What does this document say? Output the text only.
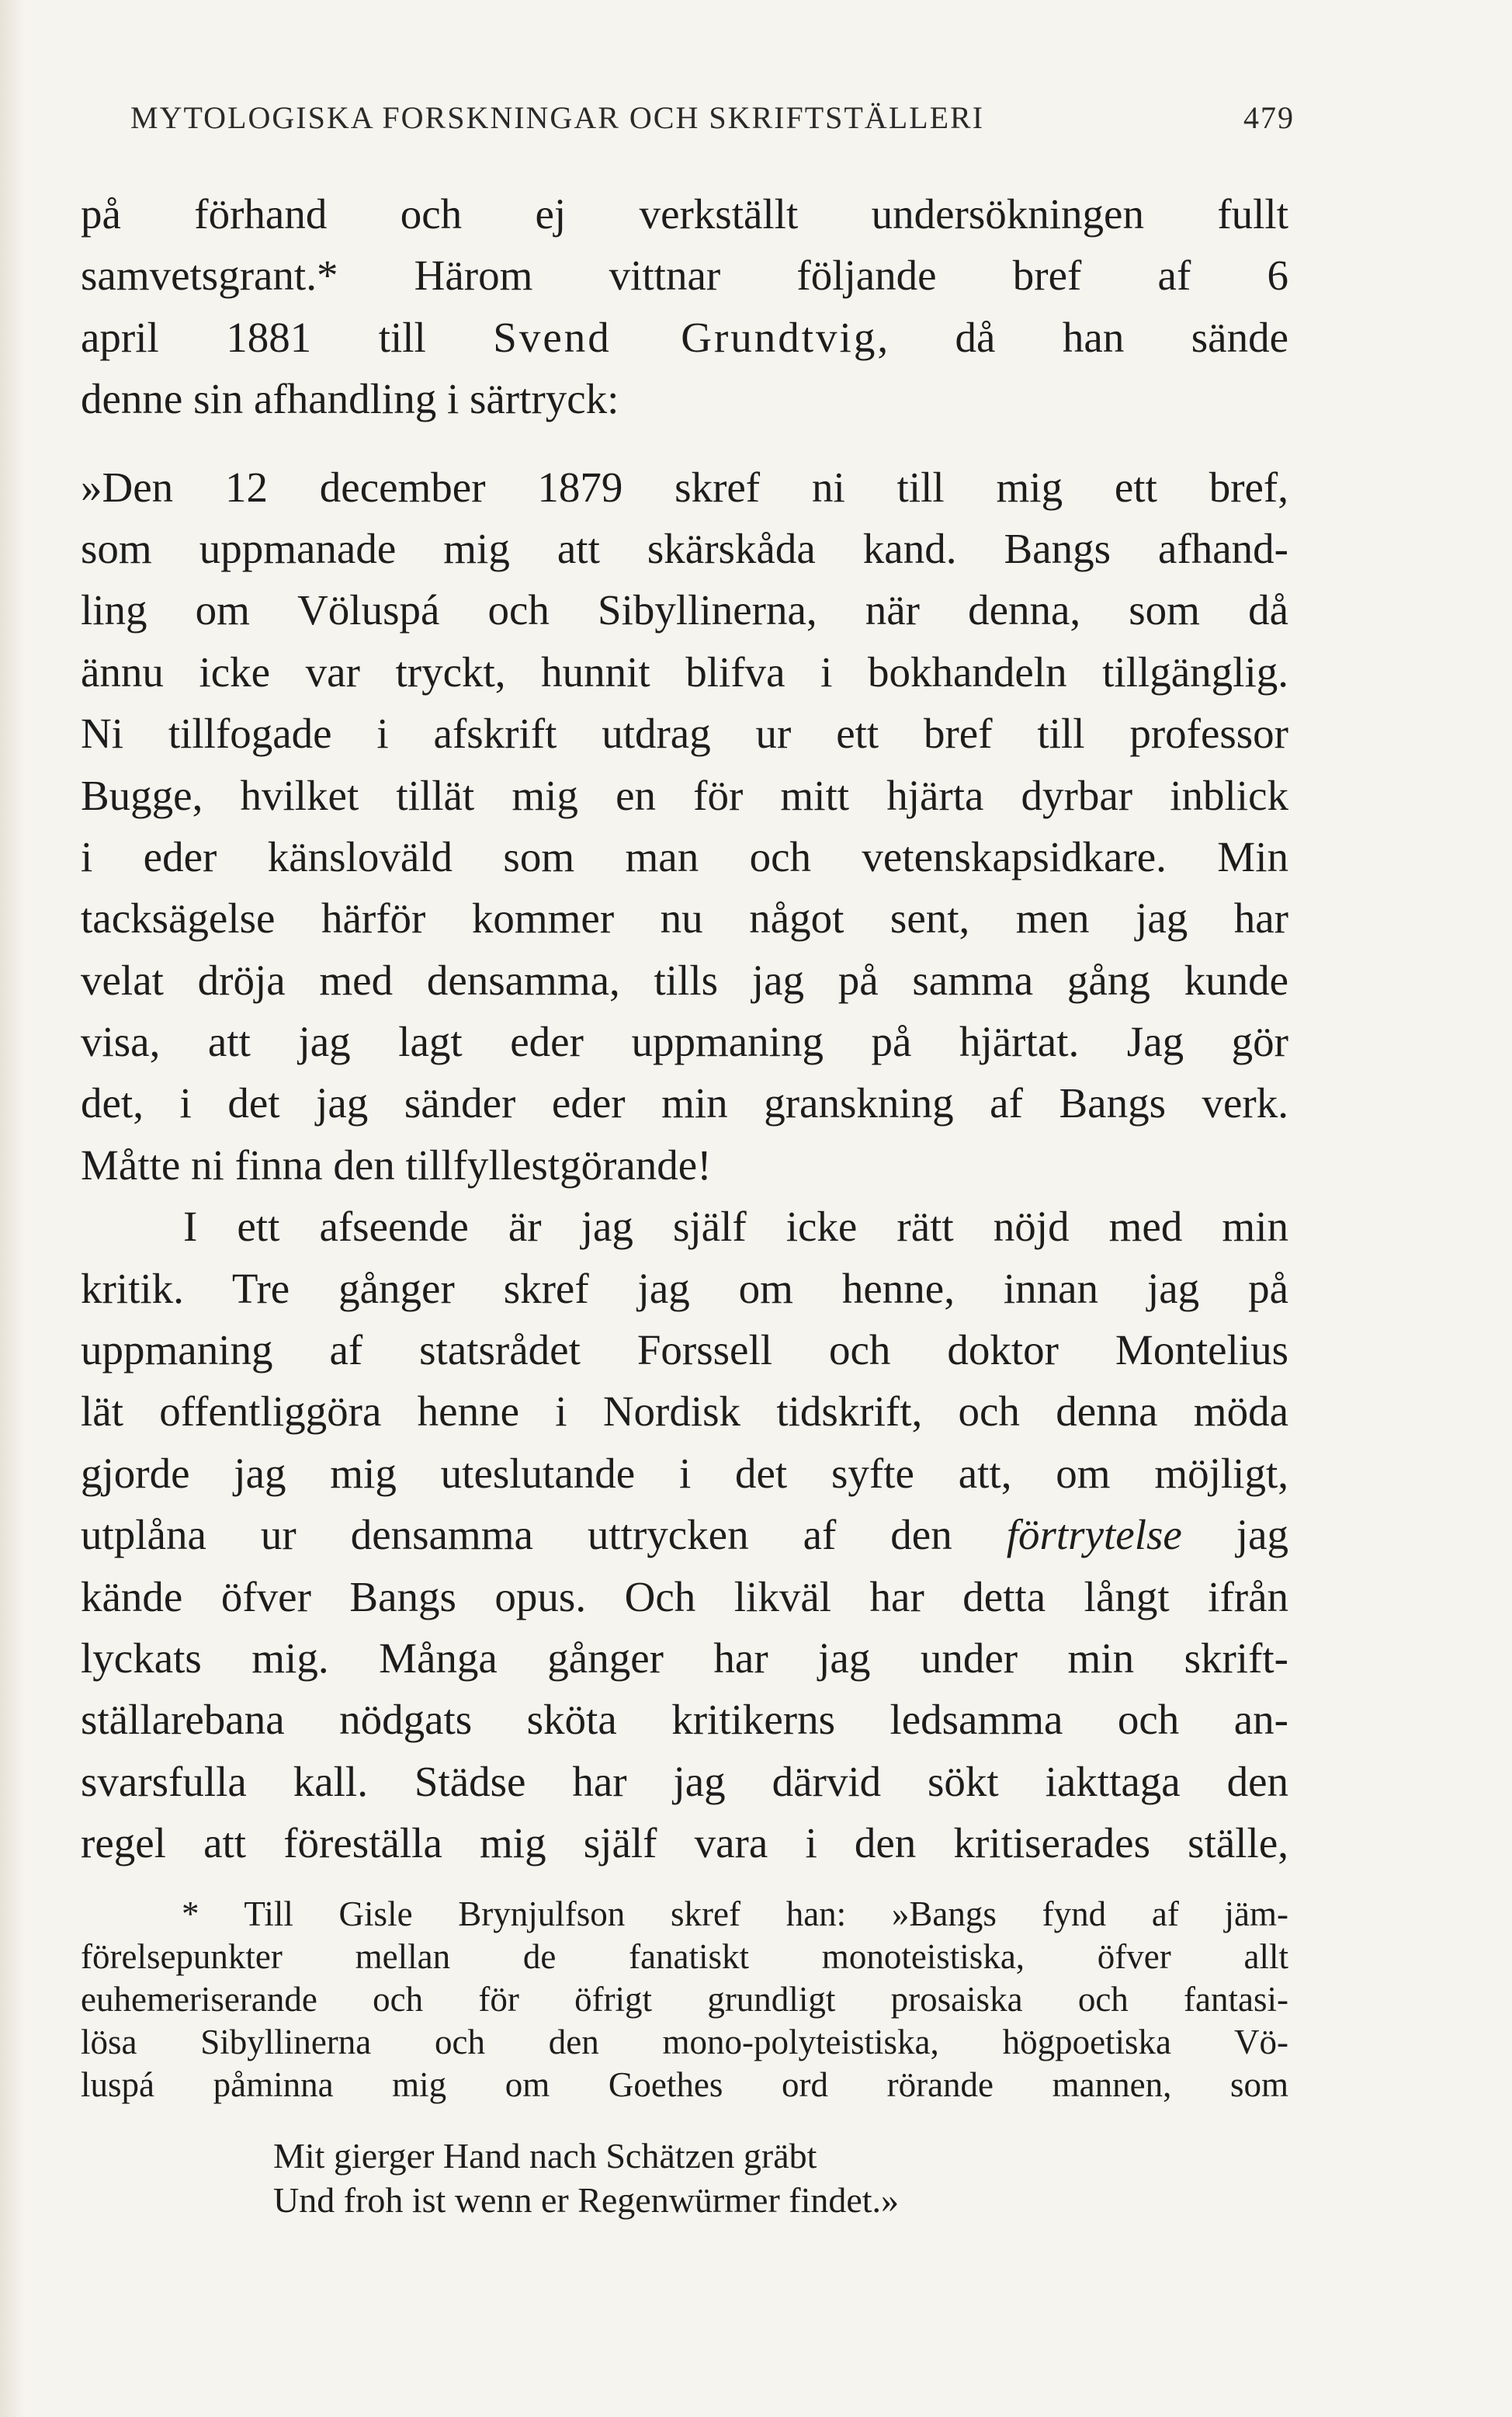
MYTOLOGISKA FORSKNINGAR OCH SKRIFTSTÄLLERI	479
på förhand och ej verkställt undersökningen fullt
samvetsgrant.* Härom vittnar följande bref af 6
april 1881 till Svend Grundtvig, då han sände
denne sin afhandling i särtryck:
»Den 12 december 1879 skref ni till mig ett bref,
som uppmanade mig att skärskåda kand. Bangs afhand-
ling om Völuspá och Sibyllinerna, när denna, som då
ännu icke var tryckt, hunnit blifva i bokhandeln tillgänglig.
Ni tillfogade i afskrift utdrag ur ett bref till professor
Bugge, hvilket tillät mig en för mitt hjärta dyrbar inblick
i eder känsloväld som man och vetenskapsidkare. Min
tacksägelse härför kommer nu något sent, men jag har
velat dröja med densamma, tills jag på samma gång kunde
visa, att jag lagt eder uppmaning på hjärtat. Jag gör
det, i det jag sänder eder min granskning af Bangs verk.
Måtte ni finna den tillfyllestgörande!
I ett afseende är jag själf icke rätt nöjd med min
kritik. Tre gånger skref jag om henne, innan jag på
uppmaning af statsrådet Forssell och doktor Montelius
lät offentliggöra henne i Nordisk tidskrift, och denna möda
gjorde jag mig uteslutande i det syfte att, om möjligt,
utplåna ur densamma uttrycken af den förtrytelse jag
kände öfver Bangs opus. Och likväl har detta långt ifrån
lyckats mig. Många gånger har jag under min skrift-
ställarebana nödgats sköta kritikerns ledsamma och an-
svarsfulla kall. Städse har jag därvid sökt iakttaga den
regel att föreställa mig själf vara i den kritiserades ställe,
* Till Gisle Brynjulfson skref han: »Bangs fynd af jäm-
förelsepunkter mellan de fanatiskt monoteistiska, öfver allt
euhemeriserande och för öfrigt grundligt prosaiska och fantasi-
lösa Sibyllinerna och den mono-polyteistiska, högpoetiska Vö-
luspá påminna mig om Goethes ord rörande mannen, som
Mit gierger Hand nach Schätzen gräbt
Und froh ist wenn er Regenwürmer findet.»
